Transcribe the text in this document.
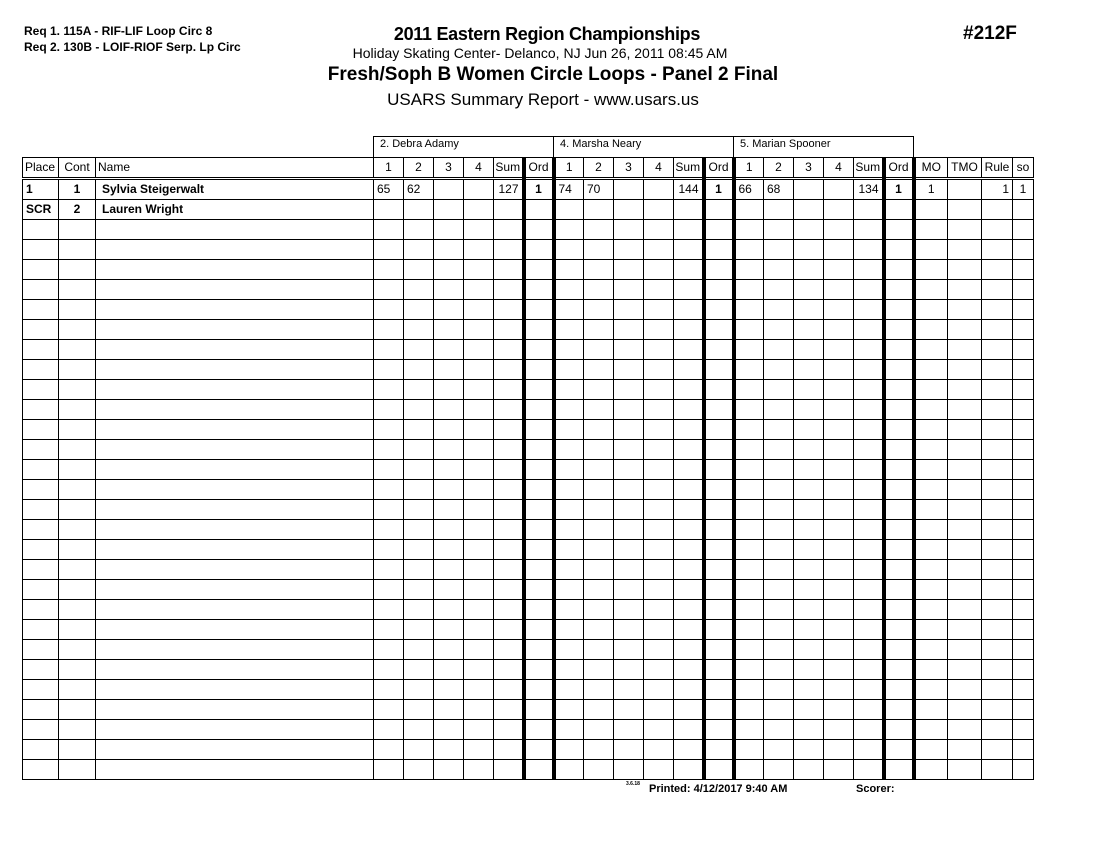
Req 1. 115A - RIF-LIF Loop Circ 8
Req 2. 130B - LOIF-RIOF Serp. Lp Circ
#212F
2011 Eastern Region Championships
Holiday Skating Center- Delanco, NJ Jun 26, 2011 08:45 AM
Fresh/Soph B Women Circle Loops - Panel 2 Final
USARS Summary Report - www.usars.us
			2. Debra Adamy						4. Marsha Neary						5. Marian Spooner									
Place	Cont	Name	1	2	3	4	Sum	Ord	1	2	3	4	Sum	Ord	1	2	3	4	Sum	Ord	MO	TMO	Rule	so
1	1	Sylvia Steigerwalt	65	62			127	1	74	70			144	1	66	68			134	1	1		1	1
SCR	2	Lauren Wright																						

3.6.18 Printed: 4/12/2017 9:40 AM	Scorer:
